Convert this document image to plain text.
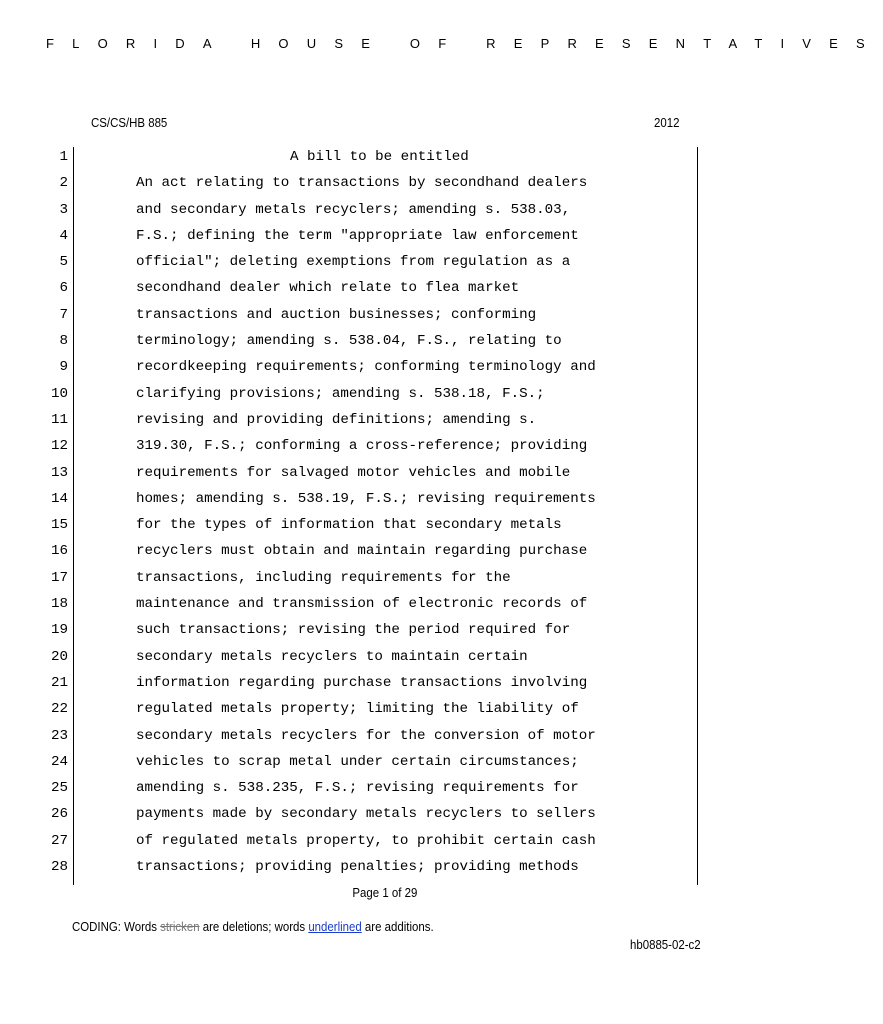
FLORIDA HOUSE OF REPRESENTATIVES
CS/CS/HB 885	2012
1	A bill to be entitled
2	An act relating to transactions by secondhand dealers
3	and secondary metals recyclers; amending s. 538.03,
4	F.S.; defining the term "appropriate law enforcement
5	official"; deleting exemptions from regulation as a
6	secondhand dealer which relate to flea market
7	transactions and auction businesses; conforming
8	terminology; amending s. 538.04, F.S., relating to
9	recordkeeping requirements; conforming terminology and
10	clarifying provisions; amending s. 538.18, F.S.;
11	revising and providing definitions; amending s.
12	319.30, F.S.; conforming a cross-reference; providing
13	requirements for salvaged motor vehicles and mobile
14	homes; amending s. 538.19, F.S.; revising requirements
15	for the types of information that secondary metals
16	recyclers must obtain and maintain regarding purchase
17	transactions, including requirements for the
18	maintenance and transmission of electronic records of
19	such transactions; revising the period required for
20	secondary metals recyclers to maintain certain
21	information regarding purchase transactions involving
22	regulated metals property; limiting the liability of
23	secondary metals recyclers for the conversion of motor
24	vehicles to scrap metal under certain circumstances;
25	amending s. 538.235, F.S.; revising requirements for
26	payments made by secondary metals recyclers to sellers
27	of regulated metals property, to prohibit certain cash
28	transactions; providing penalties; providing methods
Page 1 of 29
CODING: Words stricken are deletions; words underlined are additions.
hb0885-02-c2
